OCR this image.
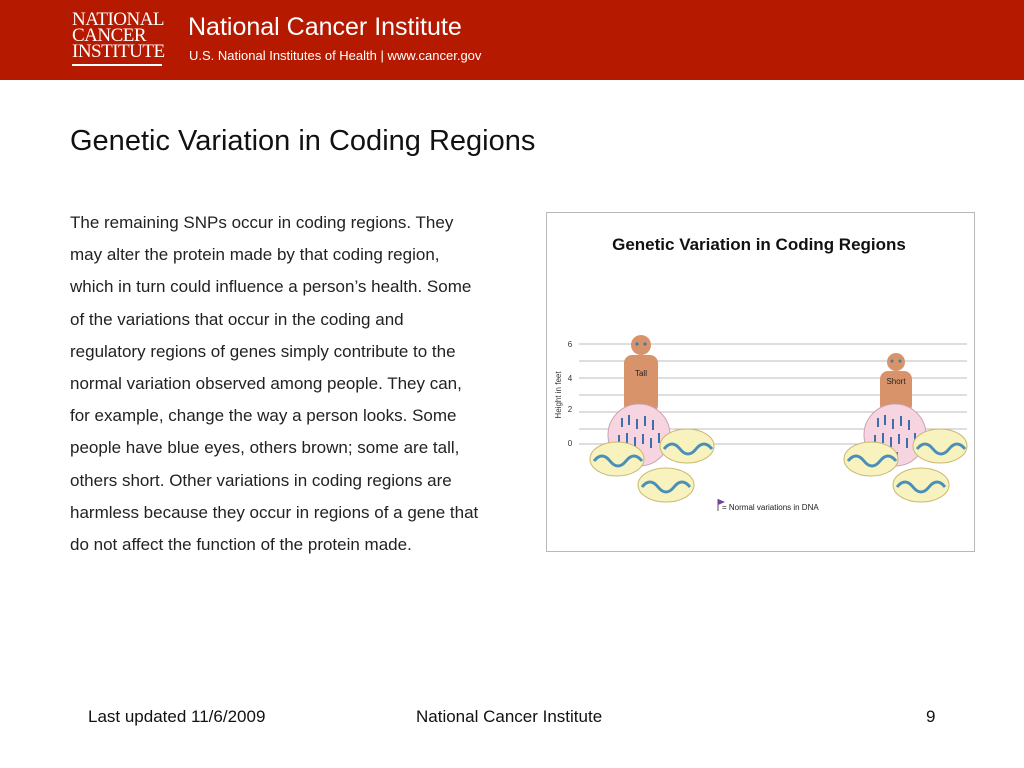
NATIONAL
CANCER
INSTITUTE
National Cancer Institute
U.S. National Institutes of Health | www.cancer.gov
Genetic Variation in Coding Regions
The remaining SNPs occur in coding regions. They may alter the protein made by that coding region, which in turn could influence a person’s health. Some of the variations that occur in the coding and regulatory regions of genes simply contribute to the normal variation observed among people. They can, for example, change the way a person looks. Some people have blue eyes, others brown; some are tall, others short. Other variations in coding regions are harmless because they occur in regions of a gene that do not affect the function of the protein made.
Genetic Variation in Coding Regions
6
4
2
0
Height in feet	Tall
Short
= Normal variations in DNA
Last updated 11/6/2009	National Cancer Institute	9
